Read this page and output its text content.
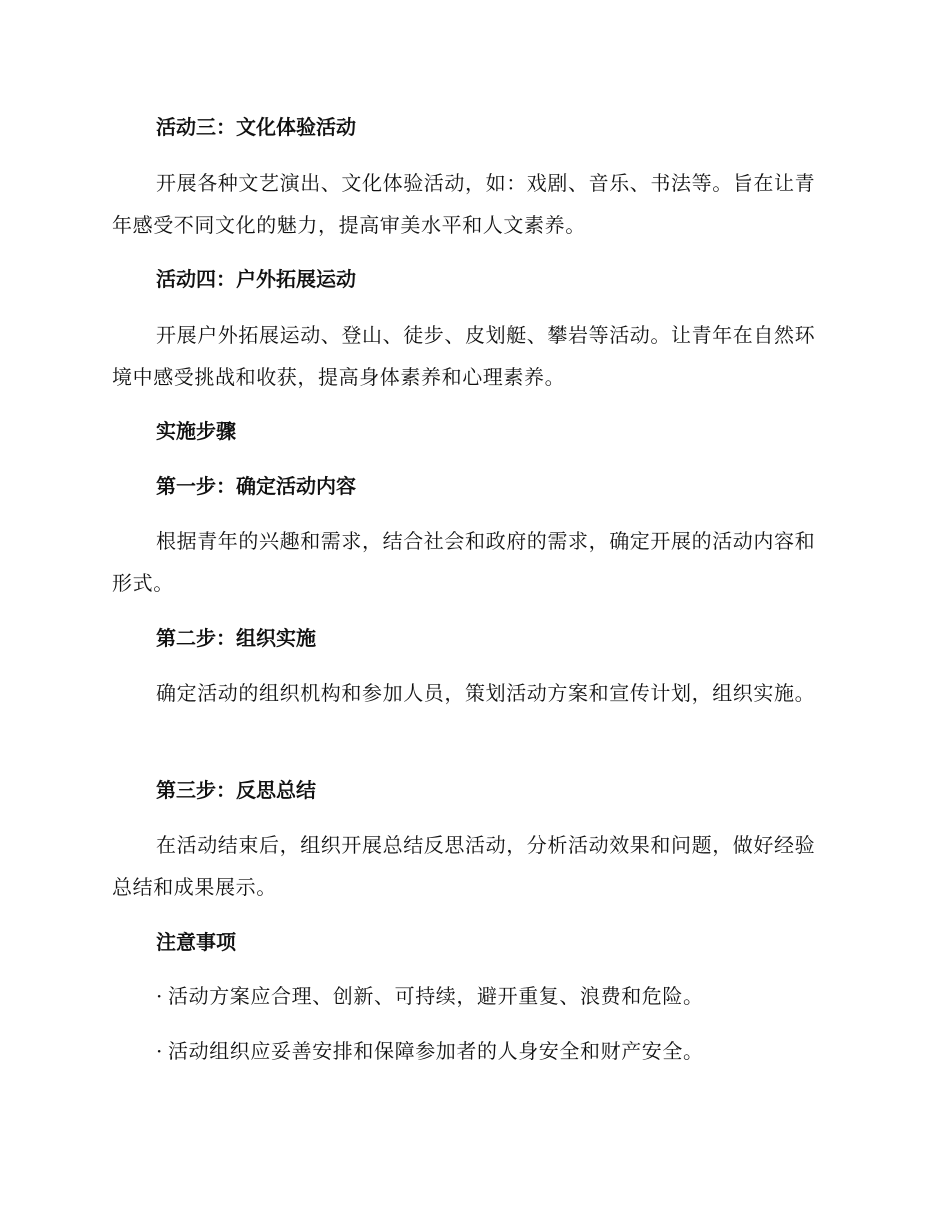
活动三：文化体验活动

开展各种文艺演出、文化体验活动，如：戏剧、音乐、书法等。旨在让青年感受不同文化的魅力，提高审美水平和人文素养。

活动四：户外拓展运动

开展户外拓展运动、登山、徒步、皮划艇、攀岩等活动。让青年在自然环境中感受挑战和收获，提高身体素养和心理素养。

实施步骤
第一步：确定活动内容

根据青年的兴趣和需求，结合社会和政府的需求，确定开展的活动内容和形式。

第二步：组织实施

确定活动的组织机构和参加人员，策划活动方案和宣传计划，组织实施。

第三步：反思总结

在活动结束后，组织开展总结反思活动，分析活动效果和问题，做好经验总结和成果展示。

注意事项
· 活动方案应合理、创新、可持续，避开重复、浪费和危险。
· 活动组织应妥善安排和保障参加者的人身安全和财产安全。
